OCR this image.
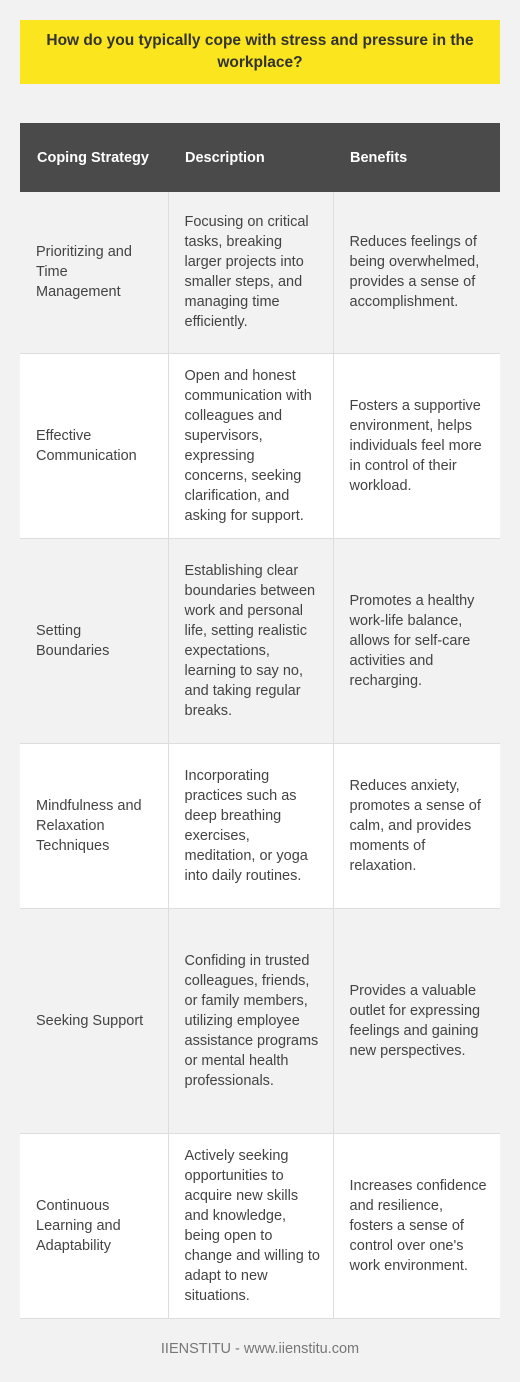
How do you typically cope with stress and pressure in the workplace?
Coping Strategy	Description	Benefits
Prioritizing and Time Management	Focusing on critical tasks, breaking larger projects into smaller steps, and managing time efficiently.	Reduces feelings of being overwhelmed, provides a sense of accomplishment.
Effective Communication	Open and honest communication with colleagues and supervisors, expressing concerns, seeking clarification, and asking for support.	Fosters a supportive environment, helps individuals feel more in control of their workload.
Setting Boundaries	Establishing clear boundaries between work and personal life, setting realistic expectations, learning to say no, and taking regular breaks.	Promotes a healthy work-life balance, allows for self-care activities and recharging.
Mindfulness and Relaxation Techniques	Incorporating practices such as deep breathing exercises, meditation, or yoga into daily routines.	Reduces anxiety, promotes a sense of calm, and provides moments of relaxation.
Seeking Support	Confiding in trusted colleagues, friends, or family members, utilizing employee assistance programs or mental health professionals.	Provides a valuable outlet for expressing feelings and gaining new perspectives.
Continuous Learning and Adaptability	Actively seeking opportunities to acquire new skills and knowledge, being open to change and willing to adapt to new situations.	Increases confidence and resilience, fosters a sense of control over one's work environment.
IIENSTITU - www.iienstitu.com
